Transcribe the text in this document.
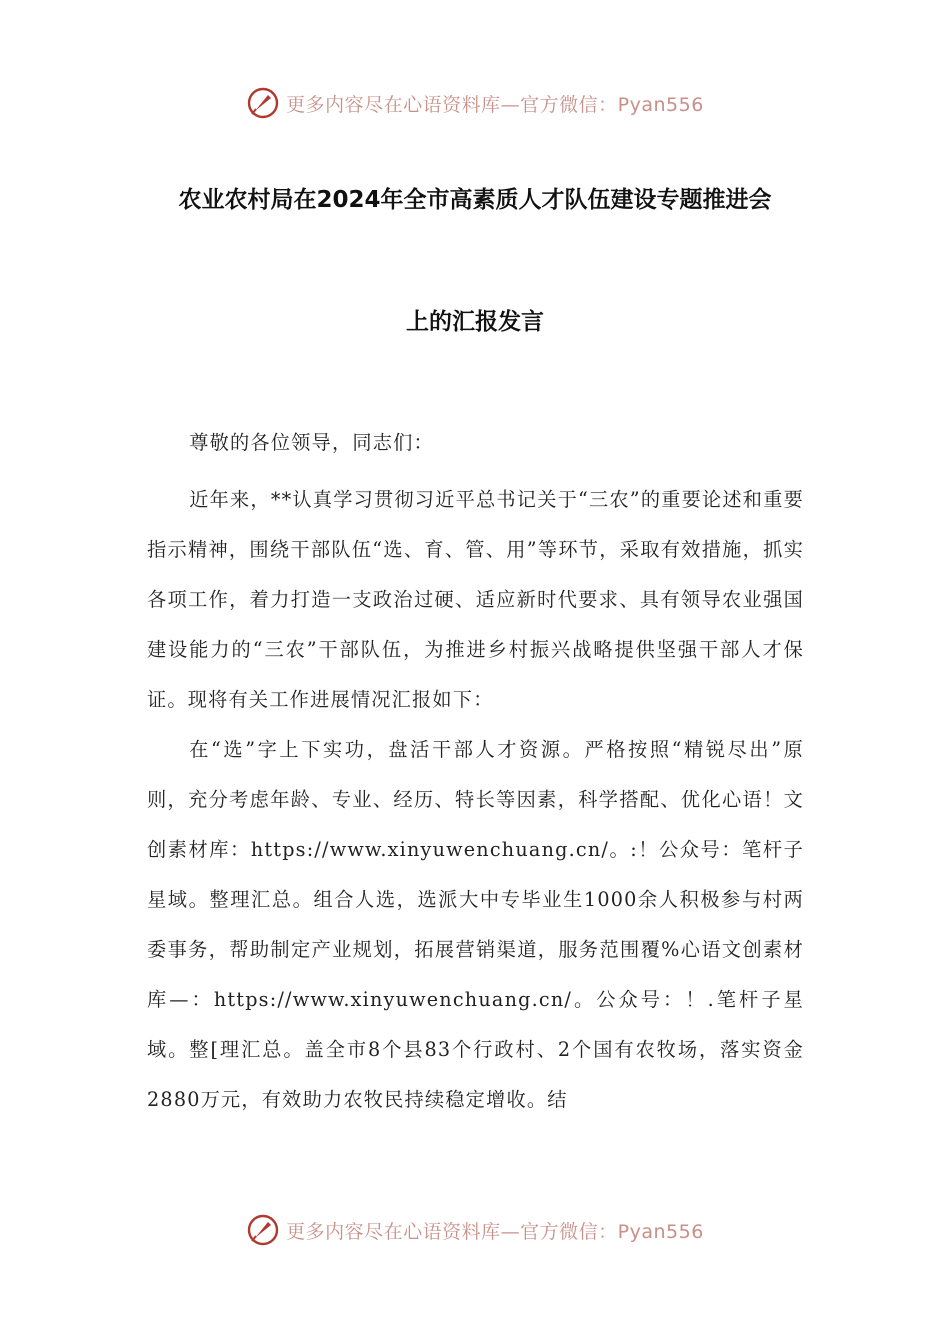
更多内容尽在心语资料库—官方微信：Pyan556
农业农村局在2024年全市高素质人才队伍建设专题推进会
上的汇报发言

尊敬的各位领导，同志们：

近年来，**认真学习贯彻习近平总书记关于“三农”的重要论述和重要指示精神，围绕干部队伍“选、育、管、用”等环节，采取有效措施，抓实各项工作，着力打造一支政治过硬、适应新时代要求、具有领导农业强国建设能力的“三农”干部队伍，为推进乡村振兴战略提供坚强干部人才保证。现将有关工作进展情况汇报如下：

在“选”字上下实功，盘活干部人才资源。严格按照“精锐尽出”原则，充分考虑年龄、专业、经历、特长等因素，科学搭配、优化心语！文创素材库：https://www.xinyuwenchuang.cn/。:！公众号：笔杆子星域。整理汇总。组合人选，选派大中专毕业生1000余人积极参与村两委事务，帮助制定产业规划，拓展营销渠道，服务范围覆%心语文创素材库—：https://www.xinyuwenchuang.cn/。公众号：！.笔杆子星域。整[理汇总。盖全市8个县83个行政村、2个国有农牧场，落实资金2880万元，有效助力农牧民持续稳定增收。结

更多内容尽在心语资料库—官方微信：Pyan556
